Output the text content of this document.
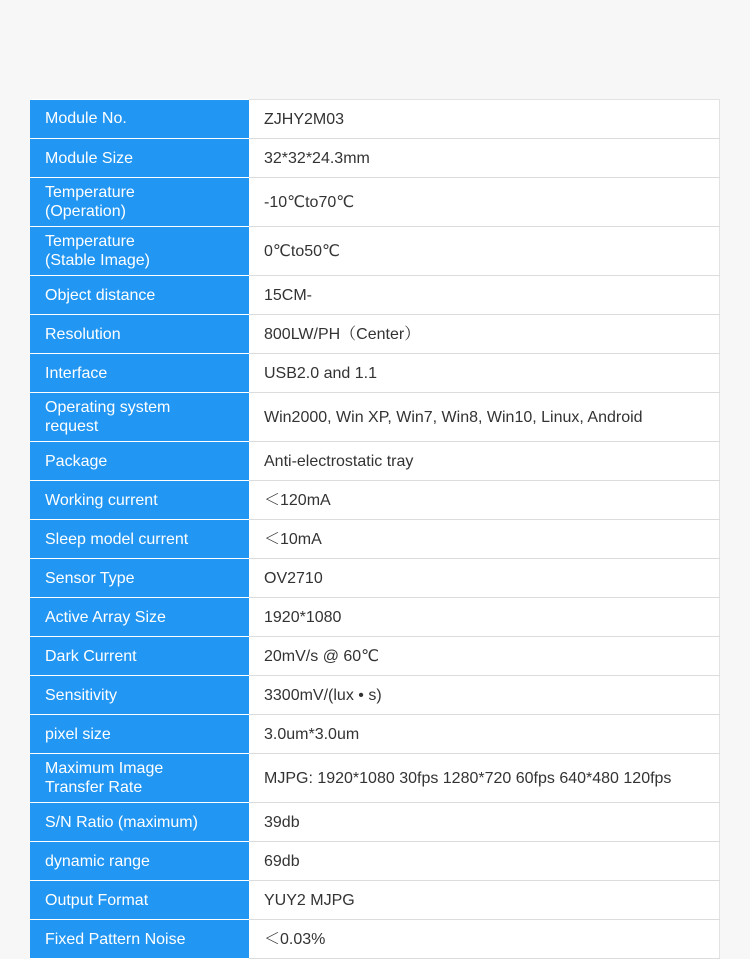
Module No.	ZJHY2M03
Module Size	32*32*24.3mm
Temperature
(Operation)	-10℃to70℃
Temperature
(Stable Image)	0℃to50℃
Object distance	15CM-
Resolution	800LW/PH（Center）
Interface	USB2.0 and 1.1
Operating system
request	Win2000, Win XP, Win7, Win8, Win10, Linux, Android
Package	Anti-electrostatic tray
Working current	＜120mA
Sleep model current	＜10mA
Sensor Type	OV2710
Active Array Size	1920*1080
Dark Current	20mV/s @ 60℃
Sensitivity	3300mV/(lux • s)
pixel size	3.0um*3.0um
Maximum Image
Transfer Rate	MJPG: 1920*1080 30fps 1280*720 60fps 640*480 120fps
S/N Ratio (maximum)	39db
dynamic range	69db
Output Format	YUY2 MJPG
Fixed Pattern Noise	＜0.03%
